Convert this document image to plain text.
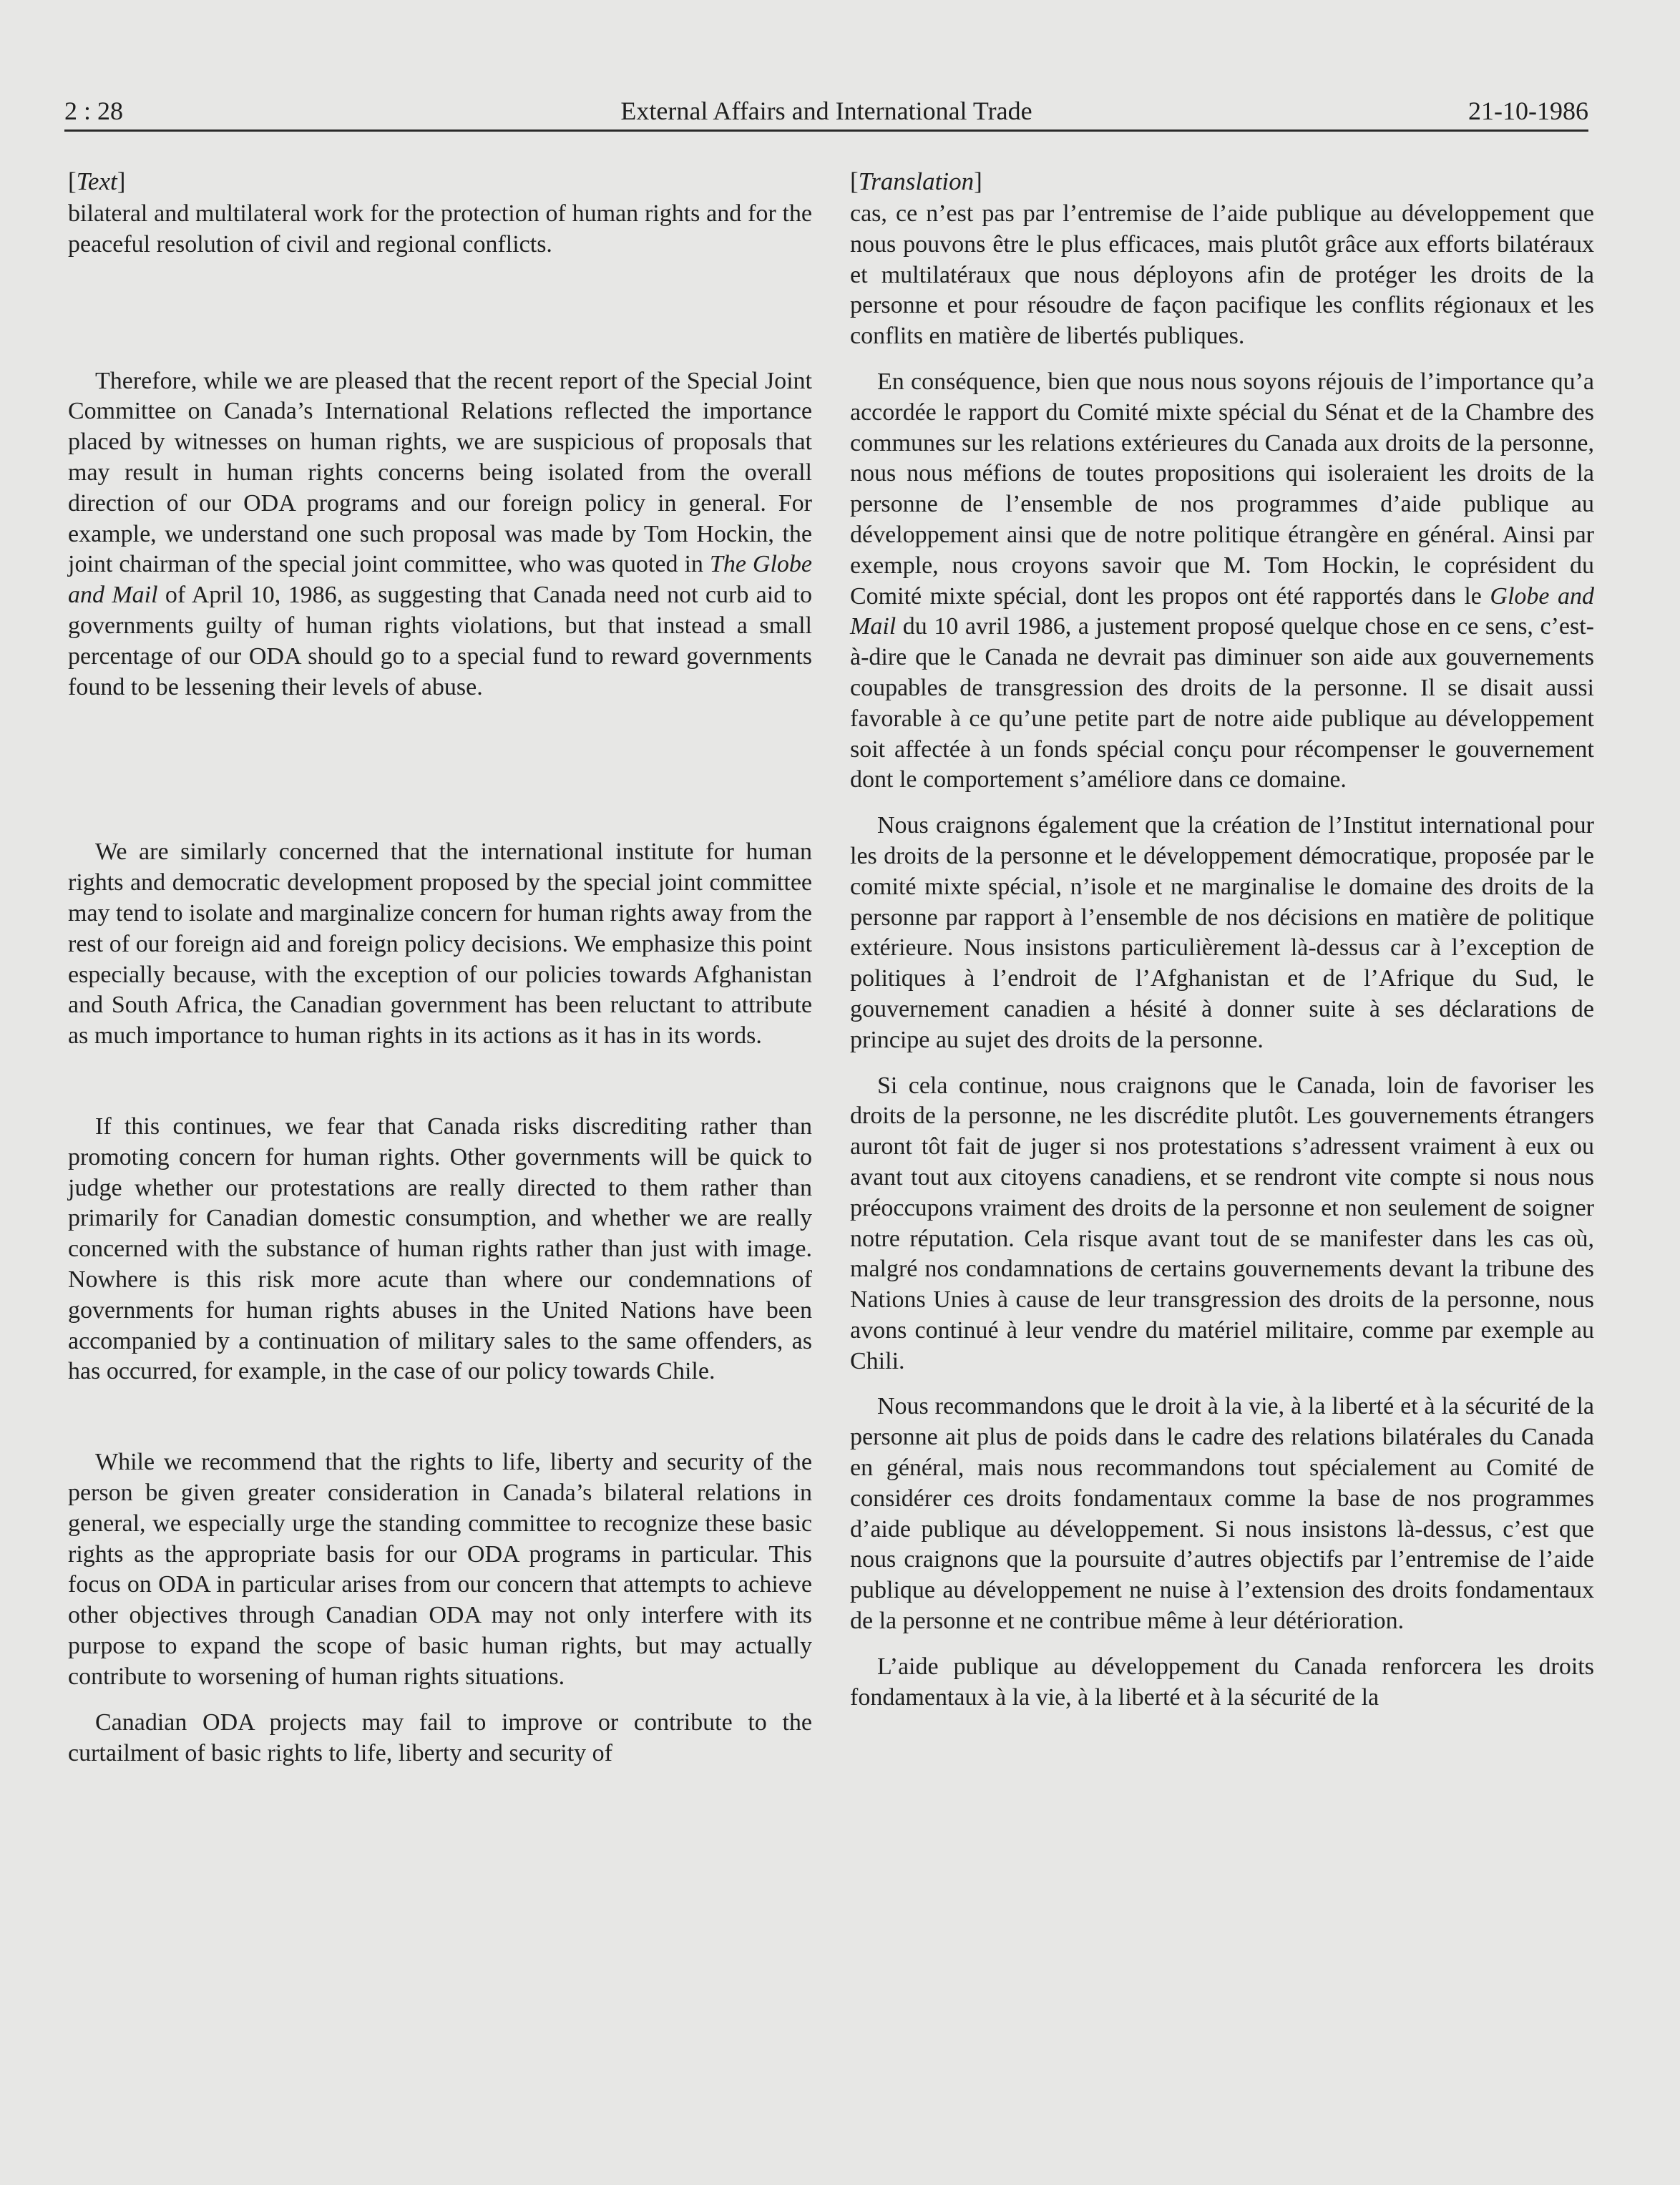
2 : 28	External Affairs and International Trade	21-10-1986
[Text]

bilateral and multilateral work for the protection of human rights and for the peaceful resolution of civil and regional conflicts.

Therefore, while we are pleased that the recent report of the Special Joint Committee on Canada’s International Relations reflected the importance placed by witnesses on human rights, we are suspicious of proposals that may result in human rights concerns being isolated from the overall direction of our ODA programs and our foreign policy in general. For example, we understand one such proposal was made by Tom Hockin, the joint chairman of the special joint committee, who was quoted in The Globe and Mail of April 10, 1986, as suggesting that Canada need not curb aid to governments guilty of human rights violations, but that instead a small percentage of our ODA should go to a special fund to reward governments found to be lessening their levels of abuse.

We are similarly concerned that the international institute for human rights and democratic development proposed by the special joint committee may tend to isolate and marginalize concern for human rights away from the rest of our foreign aid and foreign policy decisions. We emphasize this point especially because, with the exception of our policies towards Afghanistan and South Africa, the Canadian government has been reluctant to attribute as much importance to human rights in its actions as it has in its words.

If this continues, we fear that Canada risks discrediting rather than promoting concern for human rights. Other governments will be quick to judge whether our protestations are really directed to them rather than primarily for Canadian domestic consumption, and whether we are really concerned with the substance of human rights rather than just with image. Nowhere is this risk more acute than where our condemnations of governments for human rights abuses in the United Nations have been accompanied by a continuation of military sales to the same offenders, as has occurred, for example, in the case of our policy towards Chile.

While we recommend that the rights to life, liberty and security of the person be given greater consideration in Canada’s bilateral relations in general, we especially urge the standing committee to recognize these basic rights as the appropriate basis for our ODA programs in particular. This focus on ODA in particular arises from our concern that attempts to achieve other objectives through Canadian ODA may not only interfere with its purpose to expand the scope of basic human rights, but may actually contribute to worsening of human rights situations.

Canadian ODA projects may fail to improve or contribute to the curtailment of basic rights to life, liberty and security of

[Translation]

cas, ce n’est pas par l’entremise de l’aide publique au développement que nous pouvons être le plus efficaces, mais plutôt grâce aux efforts bilatéraux et multilatéraux que nous déployons afin de protéger les droits de la personne et pour résoudre de façon pacifique les conflits régionaux et les conflits en matière de libertés publiques.

En conséquence, bien que nous nous soyons réjouis de l’importance qu’a accordée le rapport du Comité mixte spécial du Sénat et de la Chambre des communes sur les relations extérieures du Canada aux droits de la personne, nous nous méfions de toutes propositions qui isoleraient les droits de la personne de l’ensemble de nos programmes d’aide publique au développement ainsi que de notre politique étrangère en général. Ainsi par exemple, nous croyons savoir que M. Tom Hockin, le coprésident du Comité mixte spécial, dont les propos ont été rapportés dans le Globe and Mail du 10 avril 1986, a justement proposé quelque chose en ce sens, c’est-à-dire que le Canada ne devrait pas diminuer son aide aux gouvernements coupables de transgression des droits de la personne. Il se disait aussi favorable à ce qu’une petite part de notre aide publique au développement soit affectée à un fonds spécial conçu pour récompenser le gouvernement dont le comportement s’améliore dans ce domaine.

Nous craignons également que la création de l’Institut international pour les droits de la personne et le développement démocratique, proposée par le comité mixte spécial, n’isole et ne marginalise le domaine des droits de la personne par rapport à l’ensemble de nos décisions en matière de politique extérieure. Nous insistons particulièrement là-dessus car à l’exception de politiques à l’endroit de l’Afghanistan et de l’Afrique du Sud, le gouvernement canadien a hésité à donner suite à ses déclarations de principe au sujet des droits de la personne.

Si cela continue, nous craignons que le Canada, loin de favoriser les droits de la personne, ne les discrédite plutôt. Les gouvernements étrangers auront tôt fait de juger si nos protestations s’adressent vraiment à eux ou avant tout aux citoyens canadiens, et se rendront vite compte si nous nous préoccupons vraiment des droits de la personne et non seulement de soigner notre réputation. Cela risque avant tout de se manifester dans les cas où, malgré nos condamnations de certains gouvernements devant la tribune des Nations Unies à cause de leur transgression des droits de la personne, nous avons continué à leur vendre du matériel militaire, comme par exemple au Chili.

Nous recommandons que le droit à la vie, à la liberté et à la sécurité de la personne ait plus de poids dans le cadre des relations bilatérales du Canada en général, mais nous recommandons tout spécialement au Comité de considérer ces droits fondamentaux comme la base de nos programmes d’aide publique au développement. Si nous insistons là-dessus, c’est que nous craignons que la poursuite d’autres objectifs par l’entremise de l’aide publique au développement ne nuise à l’extension des droits fondamentaux de la personne et ne contribue même à leur détérioration.

L’aide publique au développement du Canada renforcera les droits fondamentaux à la vie, à la liberté et à la sécurité de la
